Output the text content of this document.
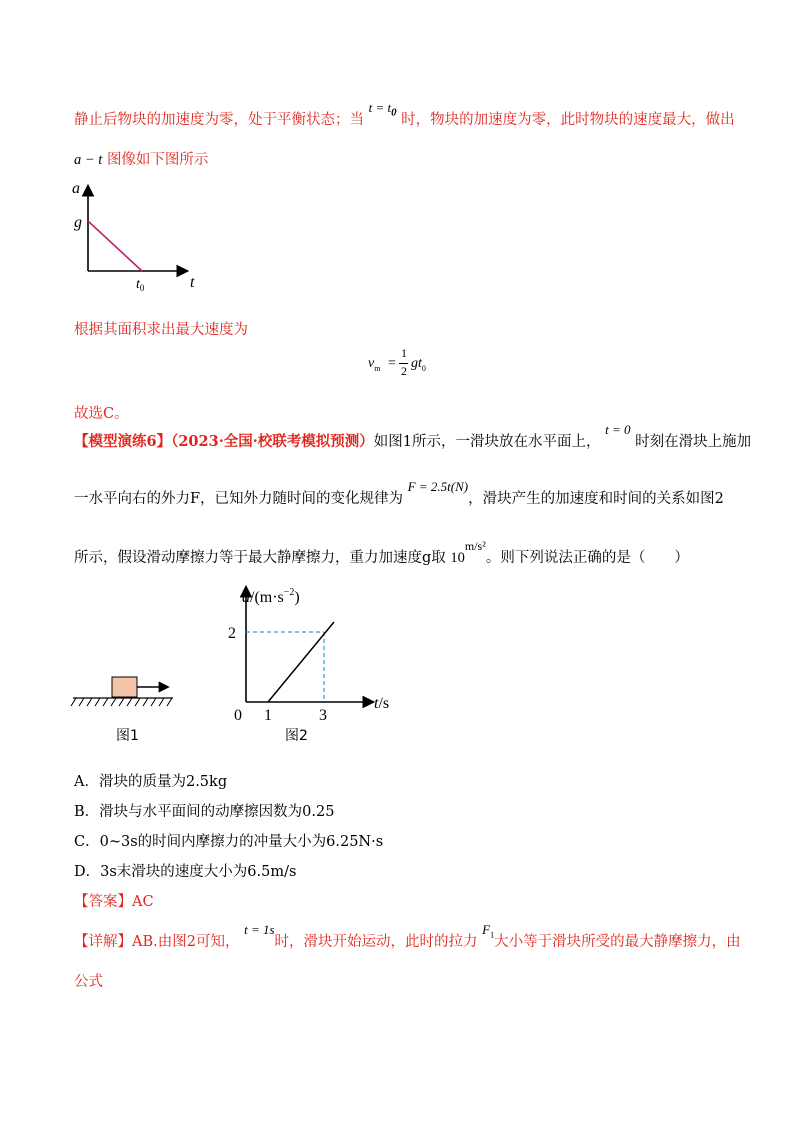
静止后物块的加速度为零，处于平衡状态；当 $t = t_0$ 时，物块的加速度为零，此时物块的速度最大，做出
a − t 图像如下图所示
a
t
g
$t_0$
根据其面积求出最大速度为
$v_m$ =
1
2 $gt_0$
故选C。
【模型演练6】（2023·全国·校联考模拟预测）如图1所示，一滑块放在水平面上， t = 0 时刻在滑块上施加
一水平向右的外力F，已知外力随时间的变化规律为 F = 2.5t(N)，滑块产生的加速度和时间的关系如图2
所示，假设滑动摩擦力等于最大静摩擦力，重力加速度g取 $10^{m/s^2}$。则下列说法正确的是（　　）
图1
$a/(m\cdot s^{-2})$
t/s
2
0 1	3
图2
A．滑块的质量为2.5kg
B．滑块与水平面间的动摩擦因数为0.25
C．0~3s的时间内摩擦力的冲量大小为6.25N·s
D．3s末滑块的速度大小为6.5m/s
【答案】AC
【详解】AB.由图2可知， t = 1s时，滑块开始运动，此时的拉力 $F_1$大小等于滑块所受的最大静摩擦力，由
公式
